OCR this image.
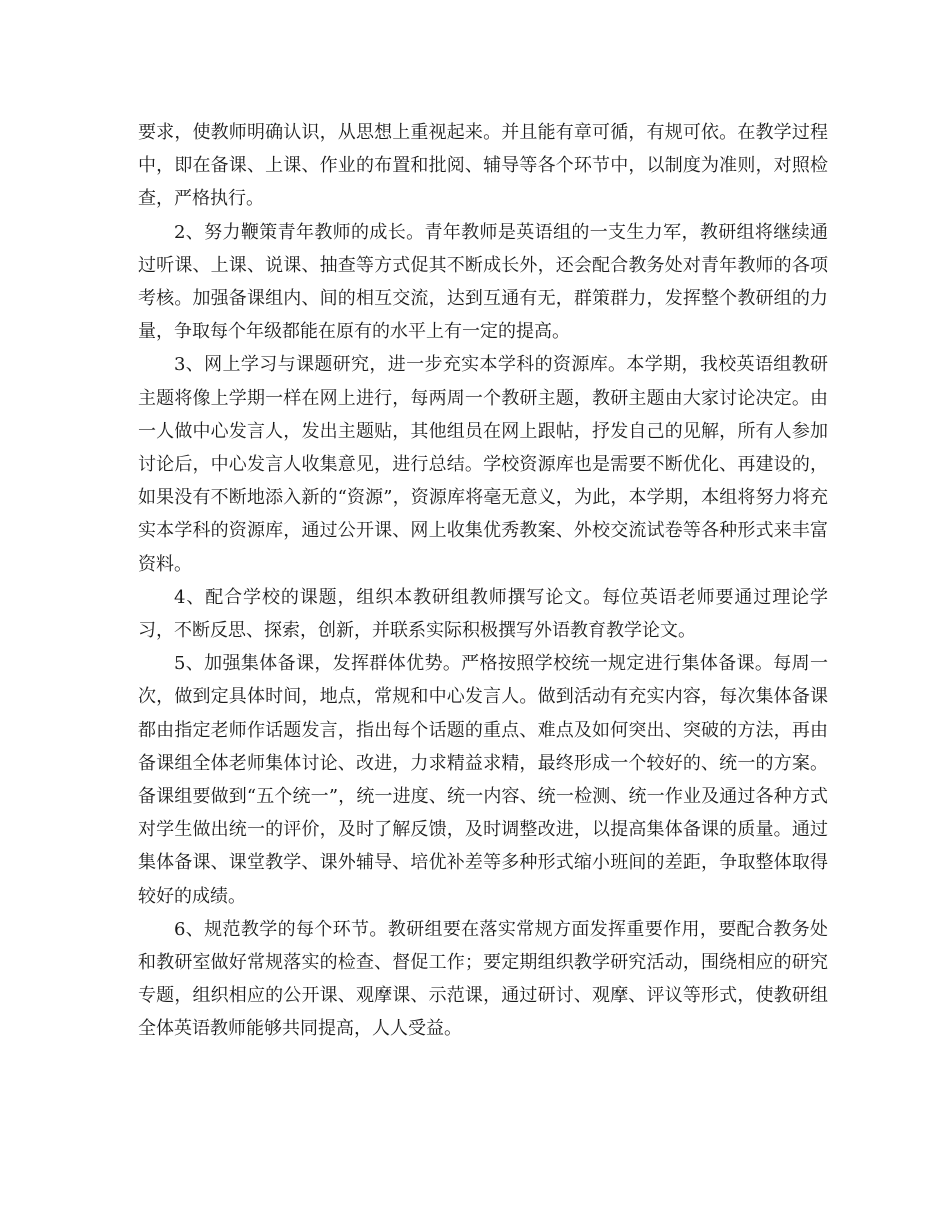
要求，使教师明确认识，从思想上重视起来。并且能有章可循，有规可依。在教学过程中，即在备课、上课、作业的布置和批阅、辅导等各个环节中，以制度为准则，对照检查，严格执行。

2、努力鞭策青年教师的成长。青年教师是英语组的一支生力军，教研组将继续通过听课、上课、说课、抽查等方式促其不断成长外，还会配合教务处对青年教师的各项考核。加强备课组内、间的相互交流，达到互通有无，群策群力，发挥整个教研组的力量，争取每个年级都能在原有的水平上有一定的提高。

3、网上学习与课题研究，进一步充实本学科的资源库。本学期，我校英语组教研主题将像上学期一样在网上进行，每两周一个教研主题，教研主题由大家讨论决定。由一人做中心发言人，发出主题贴，其他组员在网上跟帖，抒发自己的见解，所有人参加讨论后，中心发言人收集意见，进行总结。学校资源库也是需要不断优化、再建设的，如果没有不断地添入新的“资源”，资源库将毫无意义，为此，本学期，本组将努力将充实本学科的资源库，通过公开课、网上收集优秀教案、外校交流试卷等各种形式来丰富资料。

4、配合学校的课题，组织本教研组教师撰写论文。每位英语老师要通过理论学习，不断反思、探索，创新，并联系实际积极撰写外语教育教学论文。

5、加强集体备课，发挥群体优势。严格按照学校统一规定进行集体备课。每周一次，做到定具体时间，地点，常规和中心发言人。做到活动有充实内容，每次集体备课都由指定老师作话题发言，指出每个话题的重点、难点及如何突出、突破的方法，再由备课组全体老师集体讨论、改进，力求精益求精，最终形成一个较好的、统一的方案。备课组要做到“五个统一”，统一进度、统一内容、统一检测、统一作业及通过各种方式对学生做出统一的评价，及时了解反馈，及时调整改进，以提高集体备课的质量。通过集体备课、课堂教学、课外辅导、培优补差等多种形式缩小班间的差距，争取整体取得较好的成绩。

6、规范教学的每个环节。教研组要在落实常规方面发挥重要作用，要配合教务处和教研室做好常规落实的检查、督促工作；要定期组织教学研究活动，围绕相应的研究专题，组织相应的公开课、观摩课、示范课，通过研讨、观摩、评议等形式，使教研组全体英语教师能够共同提高，人人受益。
